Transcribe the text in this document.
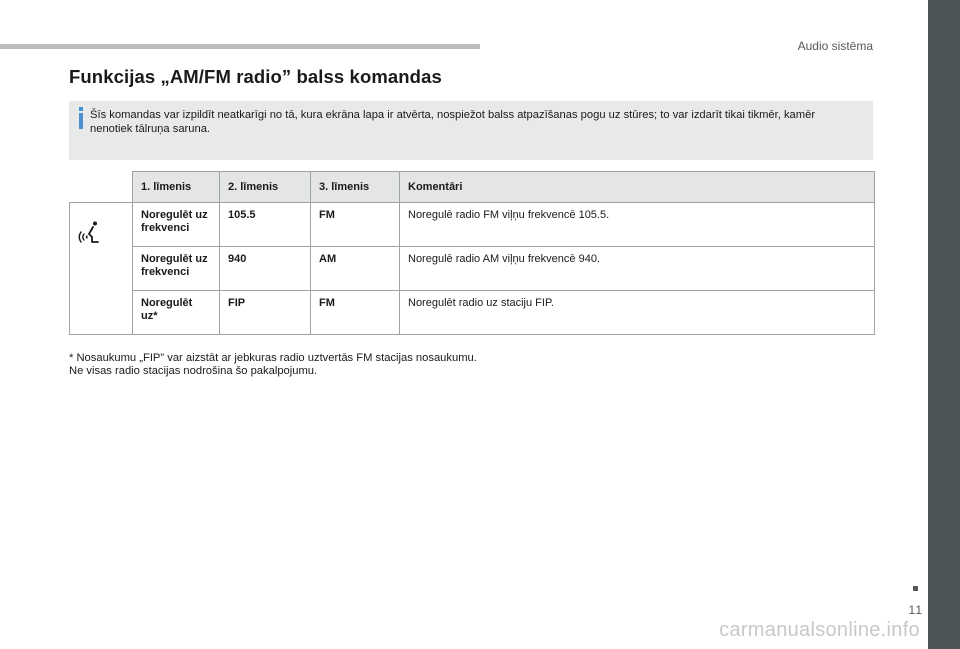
Audio sistēma
Funkcijas „AM/FM radio” balss komandas

Šīs komandas var izpildīt neatkarīgi no tā, kura ekrāna lapa ir atvērta, nospiežot balss atpazīšanas pogu uz stūres; to var izdarīt tikai tikmēr, kamēr nenotiek tālruņa saruna.

	1. līmenis	2. līmenis	3. līmenis	Komentāri
	Noregulēt uz frekvenci	105.5	FM	Noregulē radio FM viļņu frekvencē 105.5.
	Noregulēt uz frekvenci	940	AM	Noregulē radio AM viļņu frekvencē 940.
	Noregulēt uz*	FIP	FM	Noregulēt radio uz staciju FIP.
* Nosaukumu „FIP” var aizstāt ar jebkuras radio uztvertās FM stacijas nosaukumu.
Ne visas radio stacijas nodrošina šo pakalpojumu.
11
carmanualsonline.info
